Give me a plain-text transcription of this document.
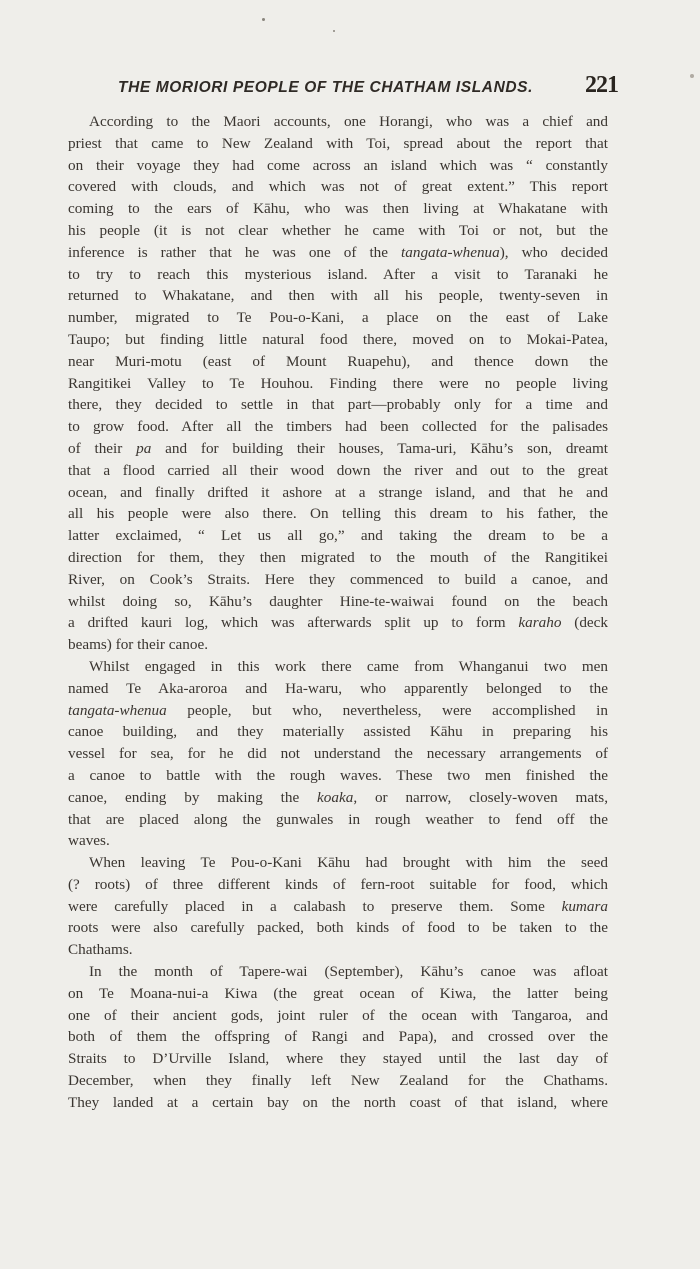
THE MORIORI PEOPLE OF THE CHATHAM ISLANDS. 221
According to the Maori accounts, one Horangi, who was a chief and
priest that came to New Zealand with Toi, spread about the report that
on their voyage they had come across an island which was “ constantly
covered with clouds, and which was not of great extent.” This report
coming to the ears of Kāhu, who was then living at Whakatane with
his people (it is not clear whether he came with Toi or not, but the
inference is rather that he was one of the tangata-whenua), who decided
to try to reach this mysterious island. After a visit to Taranaki he
returned to Whakatane, and then with all his people, twenty-seven in
number, migrated to Te Pou-o-Kani, a place on the east of Lake
Taupo; but finding little natural food there, moved on to Mokai-Patea,
near Muri-motu (east of Mount Ruapehu), and thence down the
Rangitikei Valley to Te Houhou. Finding there were no people living
there, they decided to settle in that part—probably only for a time and
to grow food. After all the timbers had been collected for the palisades
of their pa and for building their houses, Tama-uri, Kāhu’s son, dreamt
that a flood carried all their wood down the river and out to the great
ocean, and finally drifted it ashore at a strange island, and that he and
all his people were also there. On telling this dream to his father, the
latter exclaimed, “ Let us all go,” and taking the dream to be a
direction for them, they then migrated to the mouth of the Rangitikei
River, on Cook’s Straits. Here they commenced to build a canoe, and
whilst doing so, Kāhu’s daughter Hine-te-waiwai found on the beach
a drifted kauri log, which was afterwards split up to form karaho (deck
beams) for their canoe.
Whilst engaged in this work there came from Whanganui two men
named Te Aka-aroroa and Ha-waru, who apparently belonged to the
tangata-whenua people, but who, nevertheless, were accomplished in
canoe building, and they materially assisted Kāhu in preparing his
vessel for sea, for he did not understand the necessary arrangements of
a canoe to battle with the rough waves. These two men finished the
canoe, ending by making the koaka, or narrow, closely-woven mats,
that are placed along the gunwales in rough weather to fend off the
waves.
When leaving Te Pou-o-Kani Kāhu had brought with him the seed
(? roots) of three different kinds of fern-root suitable for food, which
were carefully placed in a calabash to preserve them. Some kumara
roots were also carefully packed, both kinds of food to be taken to the
Chathams.
In the month of Tapere-wai (September), Kāhu’s canoe was afloat
on Te Moana-nui-a Kiwa (the great ocean of Kiwa, the latter being
one of their ancient gods, joint ruler of the ocean with Tangaroa, and
both of them the offspring of Rangi and Papa), and crossed over the
Straits to D’Urville Island, where they stayed until the last day of
December, when they finally left New Zealand for the Chathams.
They landed at a certain bay on the north coast of that island, where
